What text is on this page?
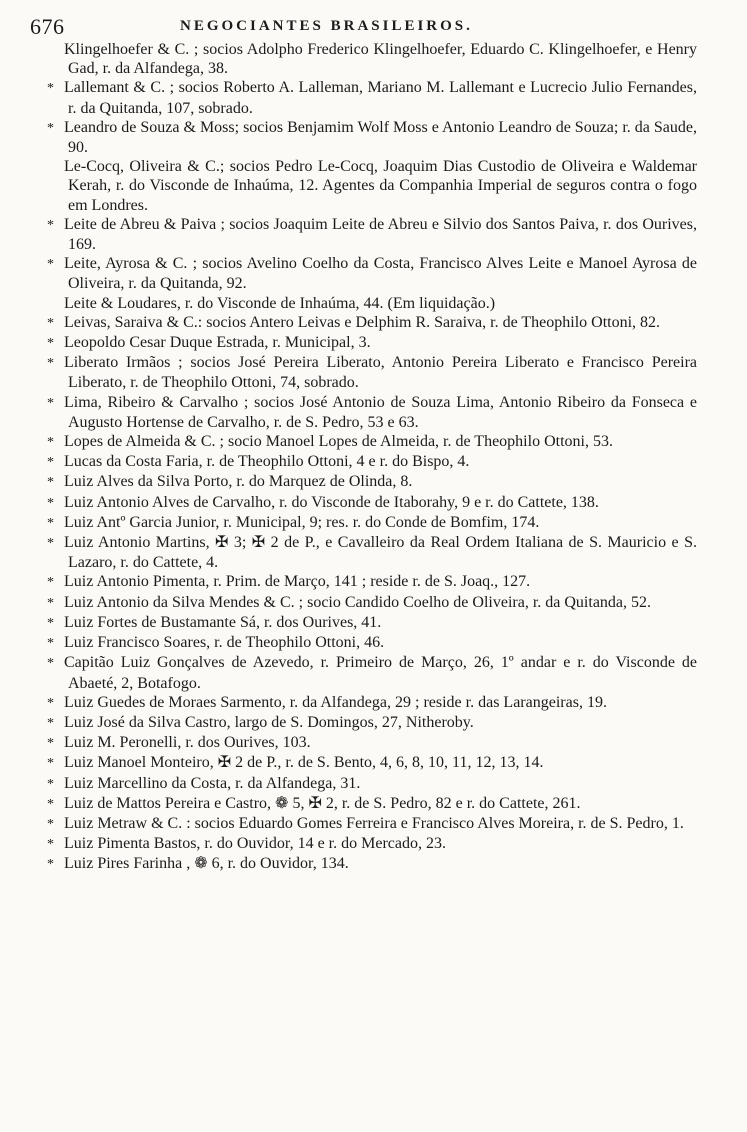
676	NEGOCIANTES BRASILEIROS.

Klingelhoefer & C. ; socios Adolpho Frederico Klingelhoefer, Eduardo C. Klingelhoefer, e Henry Gad, r. da Alfandega, 38.

* Lallemant & C. ; socios Roberto A. Lalleman, Mariano M. Lallemant e Lucrecio Julio Fernandes, r. da Quitanda, 107, sobrado.

* Leandro de Souza & Moss; socios Benjamim Wolf Moss e Antonio Leandro de Souza; r. da Saude, 90.

Le-Cocq, Oliveira & C.; socios Pedro Le-Cocq, Joaquim Dias Custodio de Oliveira e Waldemar Kerah, r. do Visconde de Inhaúma, 12. Agentes da Companhia Imperial de seguros contra o fogo em Londres.

* Leite de Abreu & Paiva ; socios Joaquim Leite de Abreu e Silvio dos Santos Paiva, r. dos Ourives, 169.

* Leite, Ayrosa & C. ; socios Avelino Coelho da Costa, Francisco Alves Leite e Manoel Ayrosa de Oliveira, r. da Quitanda, 92.

Leite & Loudares, r. do Visconde de Inhaúma, 44. (Em liquidação.)

* Leivas, Saraiva & C.: socios Antero Leivas e Delphim R. Saraiva, r. de Theophilo Ottoni, 82.

* Leopoldo Cesar Duque Estrada, r. Municipal, 3.

* Liberato Irmãos ; socios José Pereira Liberato, Antonio Pereira Liberato e Francisco Pereira Liberato, r. de Theophilo Ottoni, 74, sobrado.

* Lima, Ribeiro & Carvalho ; socios José Antonio de Souza Lima, Antonio Ribeiro da Fonseca e Augusto Hortense de Carvalho, r. de S. Pedro, 53 e 63.

* Lopes de Almeida & C. ; socio Manoel Lopes de Almeida, r. de Theophilo Ottoni, 53.

* Lucas da Costa Faria, r. de Theophilo Ottoni, 4 e r. do Bispo, 4.

* Luiz Alves da Silva Porto, r. do Marquez de Olinda, 8.

* Luiz Antonio Alves de Carvalho, r. do Visconde de Itaborahy, 9 e r. do Cattete, 138.

* Luiz Antº Garcia Junior, r. Municipal, 9; res. r. do Conde de Bomfim, 174.

* Luiz Antonio Martins, ✠ 3; ✠ 2 de P., e Cavalleiro da Real Ordem Italiana de S. Mauricio e S. Lazaro, r. do Cattete, 4.

* Luiz Antonio Pimenta, r. Prim. de Março, 141 ; reside r. de S. Joaq., 127.

* Luiz Antonio da Silva Mendes & C. ; socio Candido Coelho de Oliveira, r. da Quitanda, 52.

* Luiz Fortes de Bustamante Sá, r. dos Ourives, 41.

* Luiz Francisco Soares, r. de Theophilo Ottoni, 46.

* Capitão Luiz Gonçalves de Azevedo, r. Primeiro de Março, 26, 1º andar e r. do Visconde de Abaeté, 2, Botafogo.

* Luiz Guedes de Moraes Sarmento, r. da Alfandega, 29 ; reside r. das Larangeiras, 19.

* Luiz José da Silva Castro, largo de S. Domingos, 27, Nitheroby.

* Luiz M. Peronelli, r. dos Ourives, 103.

* Luiz Manoel Monteiro, ✠ 2 de P., r. de S. Bento, 4, 6, 8, 10, 11, 12, 13, 14.

* Luiz Marcellino da Costa, r. da Alfandega, 31.

* Luiz de Mattos Pereira e Castro, ❁ 5, ✠ 2, r. de S. Pedro, 82 e r. do Cattete, 261.

* Luiz Metraw & C. : socios Eduardo Gomes Ferreira e Francisco Alves Moreira, r. de S. Pedro, 1.

* Luiz Pimenta Bastos, r. do Ouvidor, 14 e r. do Mercado, 23.

* Luiz Pires Farinha , ❁ 6, r. do Ouvidor, 134.
